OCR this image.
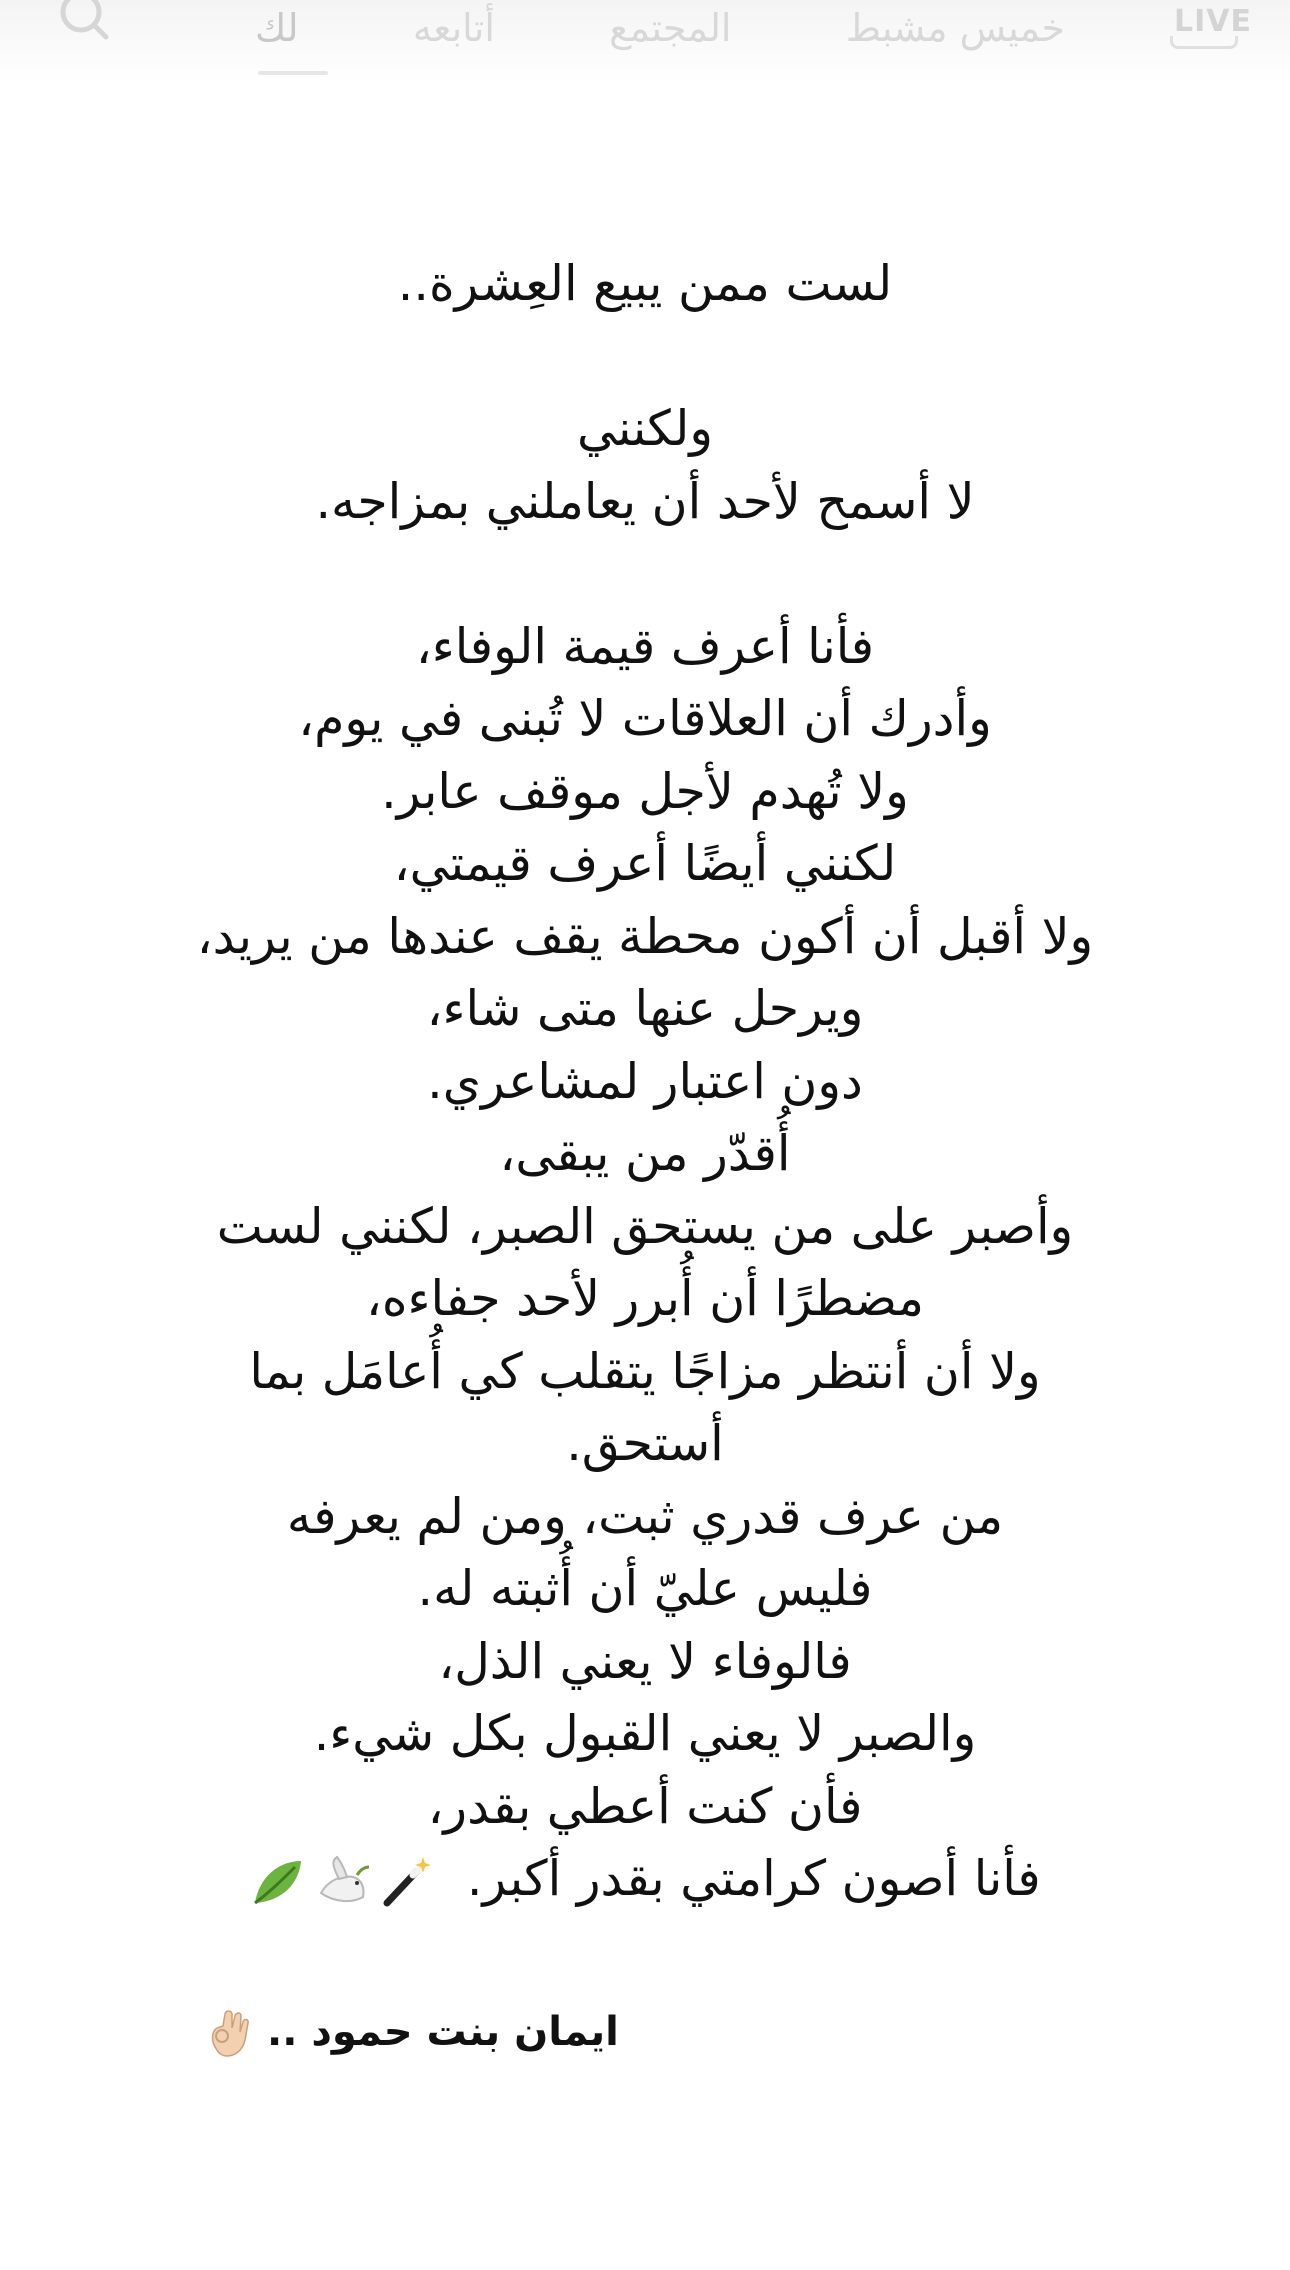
خميس مشبط
المجتمع
أتابعه
لك	LIVE
لست ممن يبيع العِشرة..
ولكنني
لا أسمح لأحد أن يعاملني بمزاجه.
فأنا أعرف قيمة الوفاء،
وأدرك أن العلاقات لا تُبنى في يوم،
ولا تُهدم لأجل موقف عابر.
لكنني أيضًا أعرف قيمتي،
ولا أقبل أن أكون محطة يقف عندها من يريد،
ويرحل عنها متى شاء،
دون اعتبار لمشاعري.
أُقدّر من يبقى،
وأصبر على من يستحق الصبر، لكنني لست
مضطرًا أن أُبرر لأحد جفاءه،
ولا أن أنتظر مزاجًا يتقلب كي أُعامَل بما
أستحق.
من عرف قدري ثبت، ومن لم يعرفه
فليس عليّ أن أُثبته له.
فالوفاء لا يعني الذل،
والصبر لا يعني القبول بكل شيء.
فأن كنت أعطي بقدر،
فأنا أصون كرامتي بقدر أكبر.
ايمان بنت حمود ..
